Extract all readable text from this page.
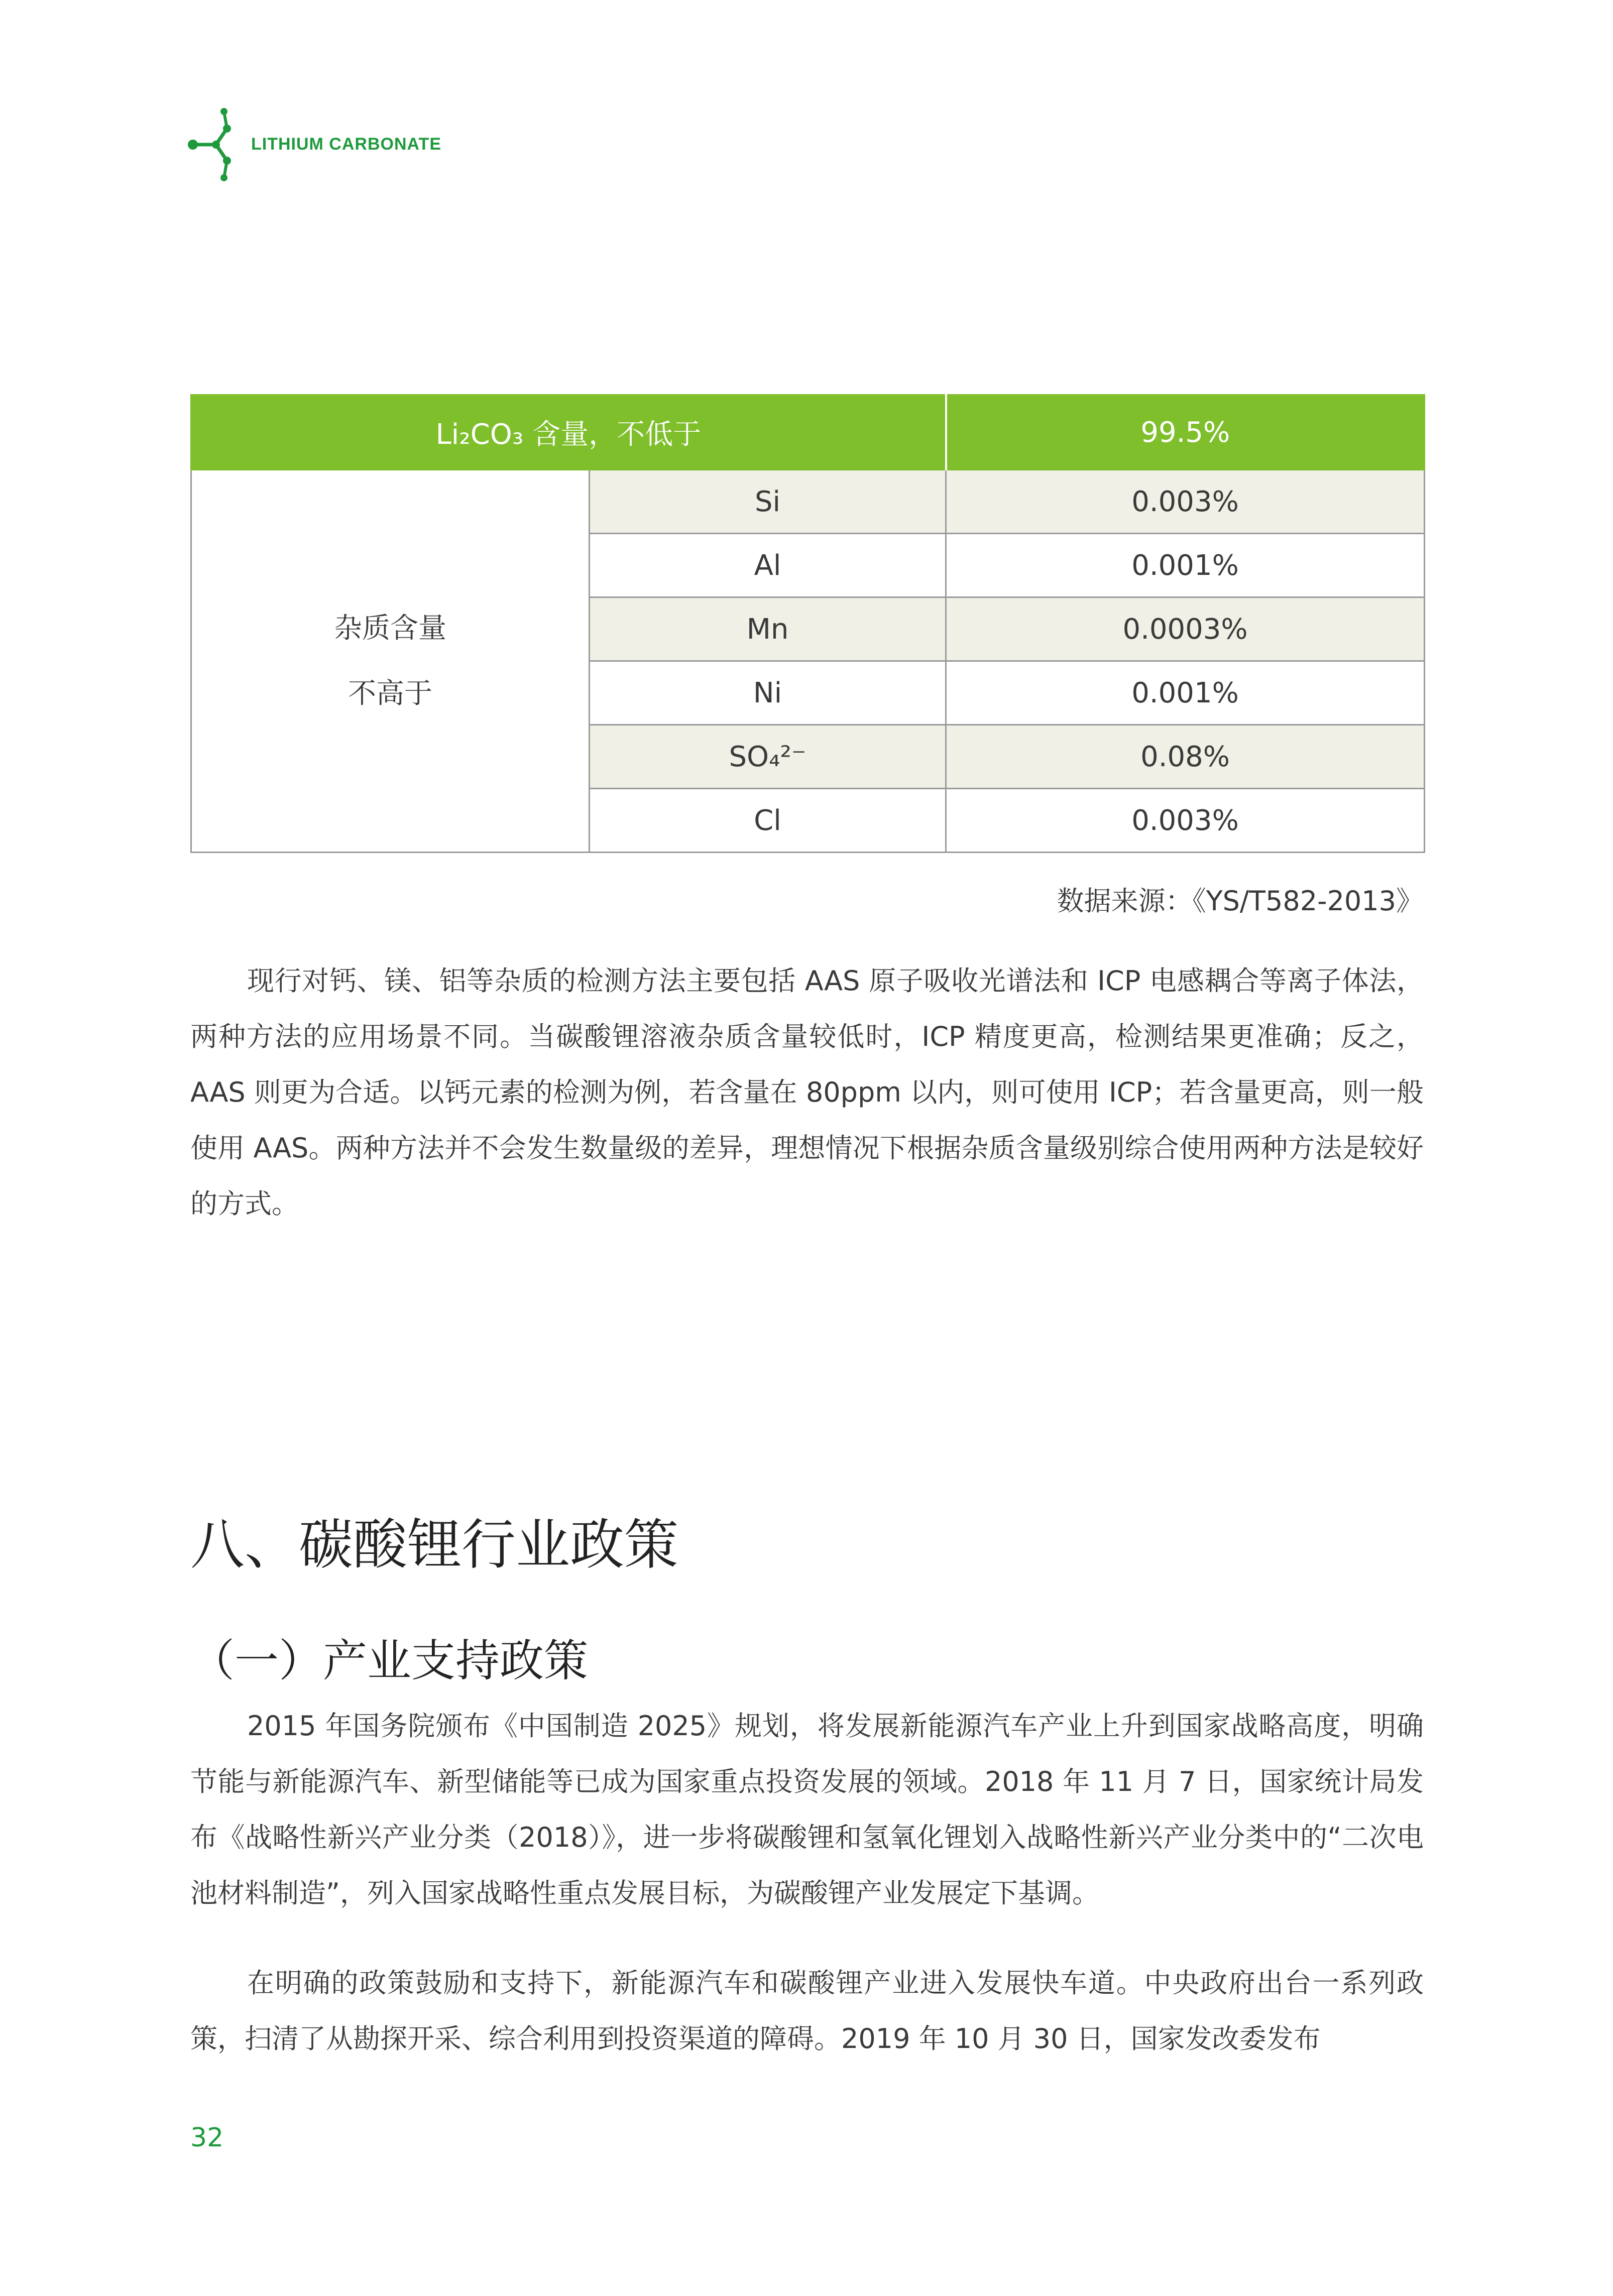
LITHIUM CARBONATE
Li₂CO₃ 含量，不低于		99.5%

杂质含量
不高于	Si	0.003%
	Al	0.001%
	Mn	0.0003%
	Ni	0.001%
	SO₄²⁻	0.08%
	Cl	0.003%
数据来源：《YS/T582-2013》

现行对钙、镁、铝等杂质的检测方法主要包括 AAS 原子吸收光谱法和 ICP 电感耦合等离子体法，两种方法的应用场景不同。当碳酸锂溶液杂质含量较低时，ICP 精度更高，检测结果更准确；反之，AAS 则更为合适。以钙元素的检测为例，若含量在 80ppm 以内，则可使用 ICP；若含量更高，则一般使用 AAS。两种方法并不会发生数量级的差异，理想情况下根据杂质含量级别综合使用两种方法是较好的方式。

八、碳酸锂行业政策
（一）产业支持政策

2015 年国务院颁布《中国制造 2025》规划，将发展新能源汽车产业上升到国家战略高度，明确节能与新能源汽车、新型储能等已成为国家重点投资发展的领域。2018 年 11 月 7 日，国家统计局发布《战略性新兴产业分类（2018）》，进一步将碳酸锂和氢氧化锂划入战略性新兴产业分类中的“二次电池材料制造”，列入国家战略性重点发展目标，为碳酸锂产业发展定下基调。

在明确的政策鼓励和支持下，新能源汽车和碳酸锂产业进入发展快车道。中央政府出台一系列政策，扫清了从勘探开采、综合利用到投资渠道的障碍。2019 年 10 月 30 日，国家发改委发布

32
